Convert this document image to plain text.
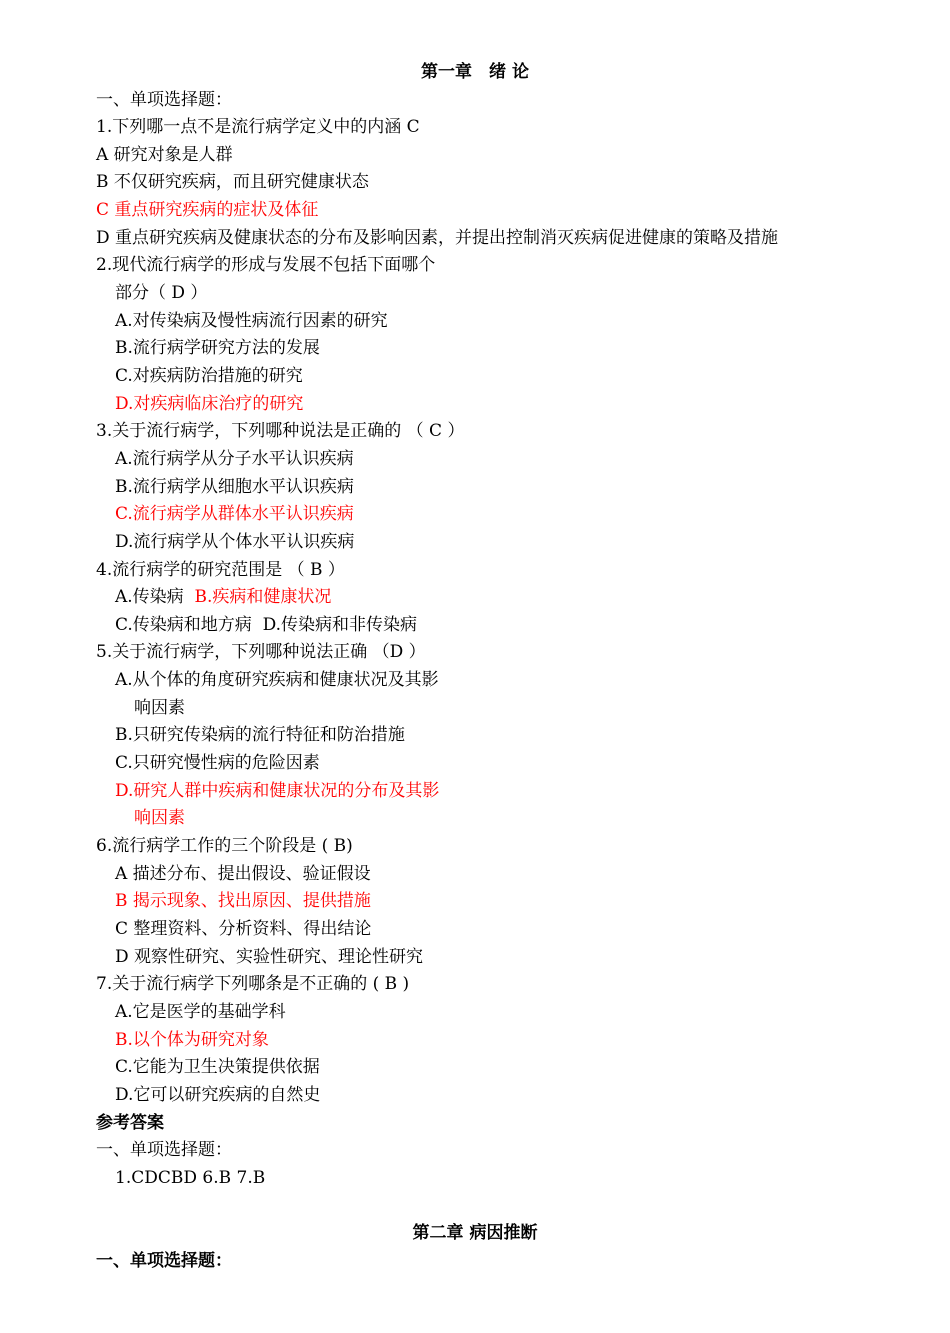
第一章　绪 论
一、单项选择题：
1.下列哪一点不是流行病学定义中的内涵 C
A 研究对象是人群
B 不仅研究疾病，而且研究健康状态
C 重点研究疾病的症状及体征
D 重点研究疾病及健康状态的分布及影响因素，并提出控制消灭疾病促进健康的策略及措施
2.现代流行病学的形成与发展不包括下面哪个
部分（ D ）
A.对传染病及慢性病流行因素的研究
B.流行病学研究方法的发展
C.对疾病防治措施的研究
D.对疾病临床治疗的研究
3.关于流行病学，下列哪种说法是正确的 （ C ）
A.流行病学从分子水平认识疾病
B.流行病学从细胞水平认识疾病
C.流行病学从群体水平认识疾病
D.流行病学从个体水平认识疾病
4.流行病学的研究范围是 （ B ）
A.传染病 B.疾病和健康状况
C.传染病和地方病 D.传染病和非传染病
5.关于流行病学，下列哪种说法正确 （D ）
A.从个体的角度研究疾病和健康状况及其影
响因素
B.只研究传染病的流行特征和防治措施
C.只研究慢性病的危险因素
D.研究人群中疾病和健康状况的分布及其影
响因素
6.流行病学工作的三个阶段是 ( B)
A 描述分布、提出假设、验证假设
B 揭示现象、找出原因、提供措施
C 整理资料、分析资料、得出结论
D 观察性研究、实验性研究、理论性研究
7.关于流行病学下列哪条是不正确的 ( B )
A.它是医学的基础学科
B.以个体为研究对象
C.它能为卫生决策提供依据
D.它可以研究疾病的自然史
参考答案
一、单项选择题：
1.CDCBD 6.B 7.B
第二章 病因推断
一、单项选择题：
